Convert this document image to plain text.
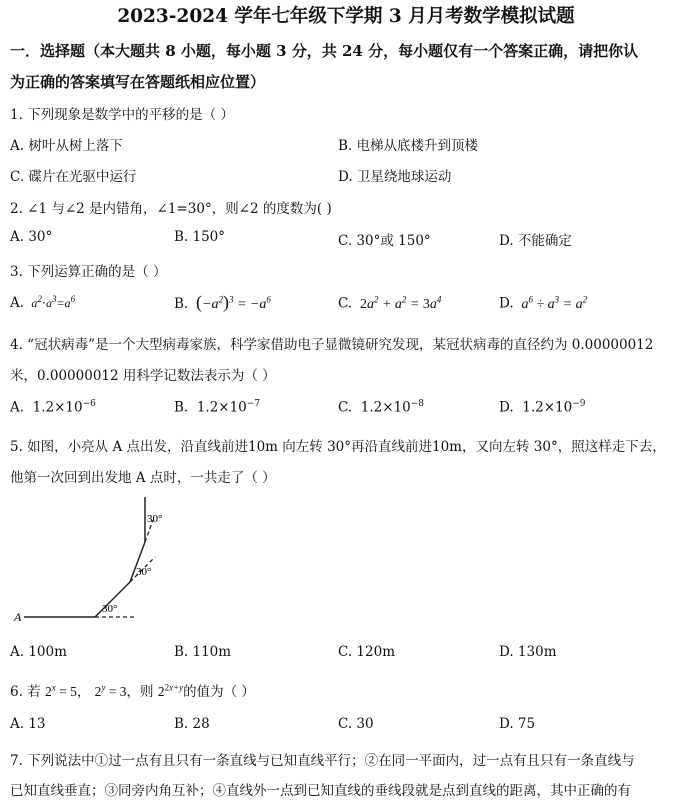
2023-2024 学年七年级下学期 3 月月考数学模拟试题
一．选择题（本大题共 8 小题，每小题 3 分，共 24 分，每小题仅有一个答案正确，请把你认
为正确的答案填写在答题纸相应位置）
1. 下列现象是数学中的平移的是（ ）
A. 树叶从树上落下	B. 电梯从底楼升到顶楼
C. 碟片在光驱中运行	D. 卫星绕地球运动
2. ∠1 与∠2 是内错角，∠1=30°，则∠2 的度数为( )
A. 30°	B. 150°	C. 30°或 150°	D. 不能确定
3. 下列运算正确的是（ ）
A.  $a^2\cdot a^3=a^6$	B. $(-a^2)^3 = -a^6$	C. $2a^2 + a^2 = 3a^4$	D.  $a^6 \div a^3 = a^2$
4. “冠状病毒”是一个大型病毒家族，科学家借助电子显微镜研究发现，某冠状病毒的直径约为 0.00000012
米，0.00000012 用科学记数法表示为（ ）
A. $1.2\times 10^{-6}$	B. $1.2\times 10^{-7}$	C. $1.2\times 10^{-8}$	D. $1.2\times 10^{-9}$
5. 如图，小亮从 A 点出发，沿直线前进10m 向左转 30°再沿直线前进10m，又向左转 30°，照这样走下去，
他第一次回到出发地 A 点时，一共走了（ ）
A
30°
30°
30°
A. 100m	B. 110m	C. 120m	D. 130m
6. 若 $2^x = 5$， $2^y = 3$，则 $2^{2x+y}$的值为（ ）
A. 13	B. 28	C. 30	D. 75
7. 下列说法中①过一点有且只有一条直线与已知直线平行；②在同一平面内，过一点有且只有一条直线与
已知直线垂直；③同旁内角互补；④直线外一点到已知直线的垂线段就是点到直线的距离，其中正确的有
